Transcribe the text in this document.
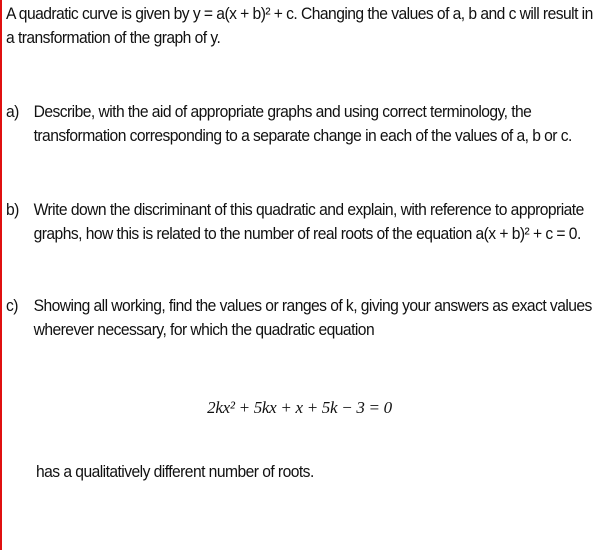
A quadratic curve is given by y = a(x + b)² + c. Changing the values of a, b and c will result in
a transformation of the graph of y.
a) Describe, with the aid of appropriate graphs and using correct terminology, the
transformation corresponding to a separate change in each of the values of a, b or c.
b) Write down the discriminant of this quadratic and explain, with reference to appropriate
graphs, how this is related to the number of real roots of the equation a(x + b)² + c = 0.
c) Showing all working, find the values or ranges of k, giving your answers as exact values
wherever necessary, for which the quadratic equation
2kx² + 5kx + x + 5k − 3 = 0
has a qualitatively different number of roots.
